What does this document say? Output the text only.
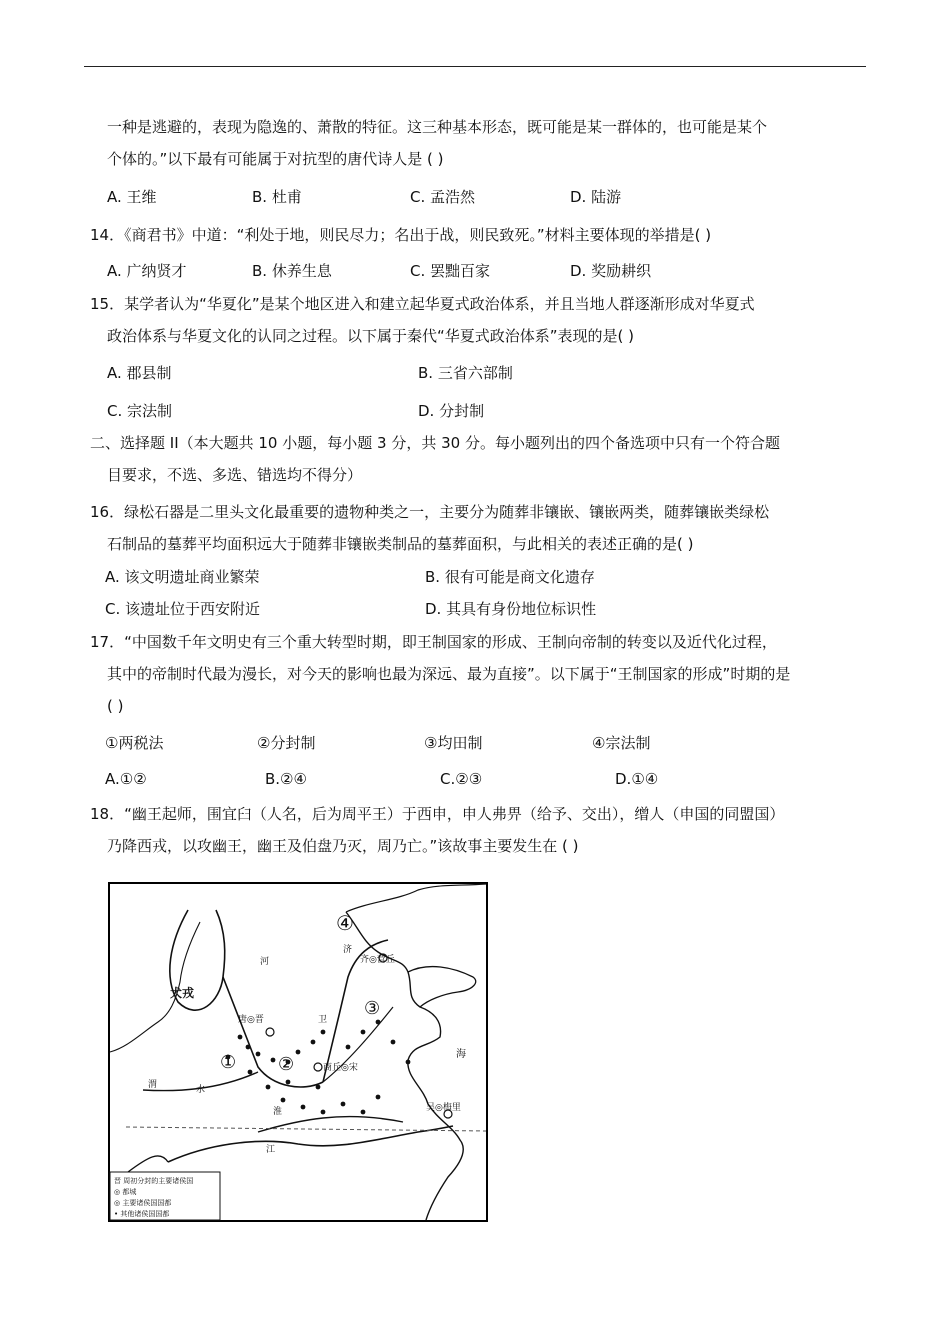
一种是逃避的，表现为隐逸的、萧散的特征。这三种基本形态，既可能是某一群体的，也可能是某个
个体的。”以下最有可能属于对抗型的唐代诗人是 ( )
A. 王维	B. 杜甫	C. 孟浩然	D. 陆游
14．《商君书》中道：“利处于地，则民尽力；名出于战，则民致死。”材料主要体现的举措是( )
A. 广纳贤才	B. 休养生息	C. 罢黜百家	D. 奖励耕织
15．某学者认为“华夏化”是某个地区进入和建立起华夏式政治体系，并且当地人群逐渐形成对华夏式
政治体系与华夏文化的认同之过程。以下属于秦代“华夏式政治体系”表现的是( )
A. 郡县制	B. 三省六部制
C. 宗法制	D. 分封制
二、选择题 II（本大题共 10 小题，每小题 3 分，共 30 分。每小题列出的四个备选项中只有一个符合题
目要求，不选、多选、错选均不得分）
16．绿松石器是二里头文化最重要的遗物种类之一，主要分为随葬非镶嵌、镶嵌两类，随葬镶嵌类绿松
石制品的墓葬平均面积远大于随葬非镶嵌类制品的墓葬面积，与此相关的表述正确的是( )
A. 该文明遗址商业繁荣	B. 很有可能是商文化遗存
C. 该遗址位于西安附近	D. 其具有身份地位标识性
17．“中国数千年文明史有三个重大转型时期，即王制国家的形成、王制向帝制的转变以及近代化过程，
其中的帝制时代最为漫长，对今天的影响也最为深远、最为直接”。以下属于“王制国家的形成”时期的是
( )
①两税法	②分封制	③均田制	④宗法制
A.①②	B.②④	C.②③	D.①④
18．“幽王起师，围宜臼（人名，后为周平王）于西申，申人弗畀（给予、交出），缯人（申国的同盟国）
乃降西戎，以攻幽王，幽王及伯盘乃灭，周乃亡。”该故事主要发生在 ( )
④
① ②
③
犬戎
河
唐◎晋	卫
齐◎营丘
商丘◎宋
海
渭	水
济
淮
江
吴◎梅里
晋 周初分封的主要诸侯国
◎ 都城
◎ 主要诸侯国国都
• 其他诸侯国国都
